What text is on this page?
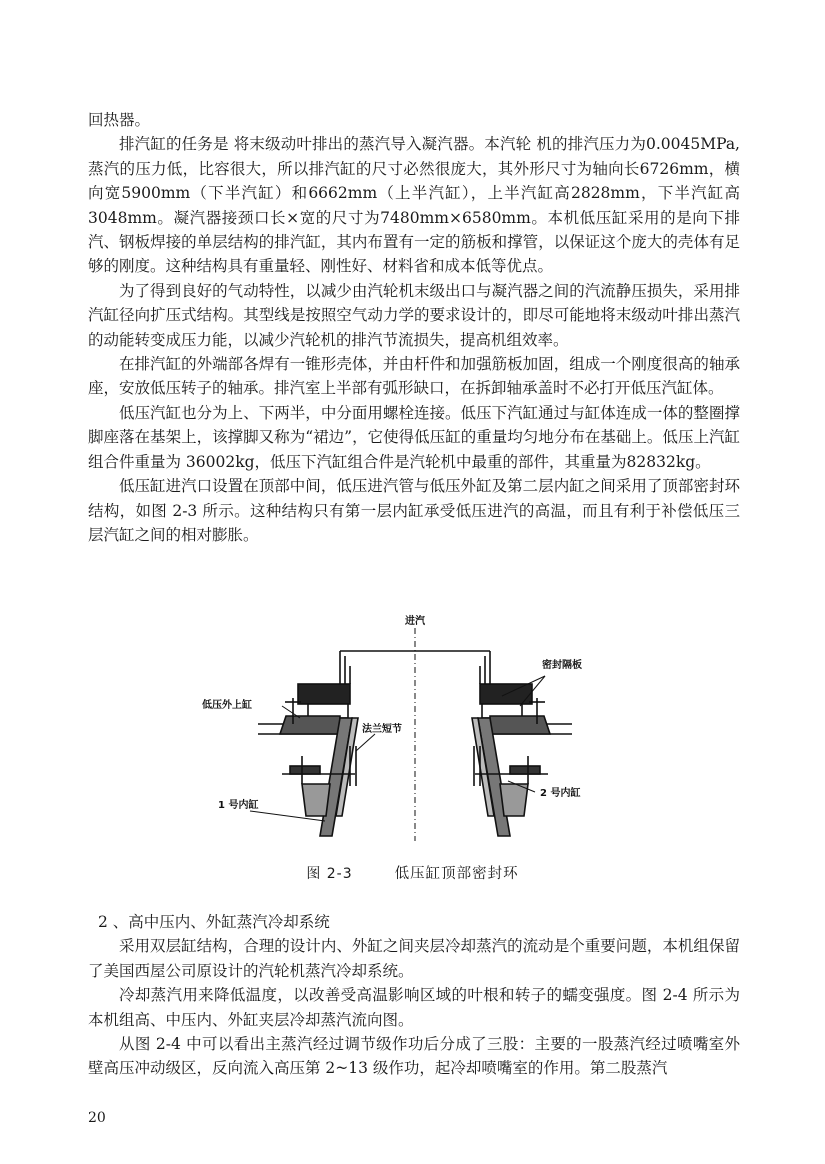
回热器。

排汽缸的任务是 将末级动叶排出的蒸汽导入凝汽器。本汽轮 机的排汽压力为0.0045MPa,蒸汽的压力低，比容很大，所以排汽缸的尺寸必然很庞大，其外形尺寸为轴向长6726mm，横向宽5900mm（下半汽缸）和6662mm（上半汽缸），上半汽缸高2828mm，下半汽缸高3048mm。凝汽器接颈口长×宽的尺寸为7480mm×6580mm。本机低压缸采用的是向下排汽、钢板焊接的单层结构的排汽缸，其内布置有一定的筋板和撑管，以保证这个庞大的壳体有足够的刚度。这种结构具有重量轻、刚性好、材料省和成本低等优点。

为了得到良好的气动特性，以减少由汽轮机末级出口与凝汽器之间的汽流静压损失，采用排汽缸径向扩压式结构。其型线是按照空气动力学的要求设计的，即尽可能地将末级动叶排出蒸汽的动能转变成压力能，以减少汽轮机的排汽节流损失，提高机组效率。

在排汽缸的外端部各焊有一锥形壳体，并由杆件和加强筋板加固，组成一个刚度很高的轴承座，安放低压转子的轴承。排汽室上半部有弧形缺口，在拆卸轴承盖时不必打开低压汽缸体。

低压汽缸也分为上、下两半，中分面用螺栓连接。低压下汽缸通过与缸体连成一体的整圈撑脚座落在基架上，该撑脚又称为“裙边”，它使得低压缸的重量均匀地分布在基础上。低压上汽缸组合件重量为 36002kg，低压下汽缸组合件是汽轮机中最重的部件，其重量为82832kg。

低压缸进汽口设置在顶部中间，低压进汽管与低压外缸及第二层内缸之间采用了顶部密封环结构，如图 2-3 所示。这种结构只有第一层内缸承受低压进汽的高温，而且有利于补偿低压三层汽缸之间的相对膨胀。

进汽
密封隔板
低压外上缸
法兰短节
2 号内缸
1 号内缸
图 2-3	低压缸顶部密封环

2 、高中压内、外缸蒸汽冷却系统

采用双层缸结构，合理的设计内、外缸之间夹层冷却蒸汽的流动是个重要问题，本机组保留了美国西屋公司原设计的汽轮机蒸汽冷却系统。

冷却蒸汽用来降低温度，以改善受高温影响区域的叶根和转子的蠕变强度。图 2-4 所示为本机组高、中压内、外缸夹层冷却蒸汽流向图。

从图 2-4 中可以看出主蒸汽经过调节级作功后分成了三股：主要的一股蒸汽经过喷嘴室外壁高压冲动级区，反向流入高压第 2~13 级作功，起冷却喷嘴室的作用。第二股蒸汽

20
